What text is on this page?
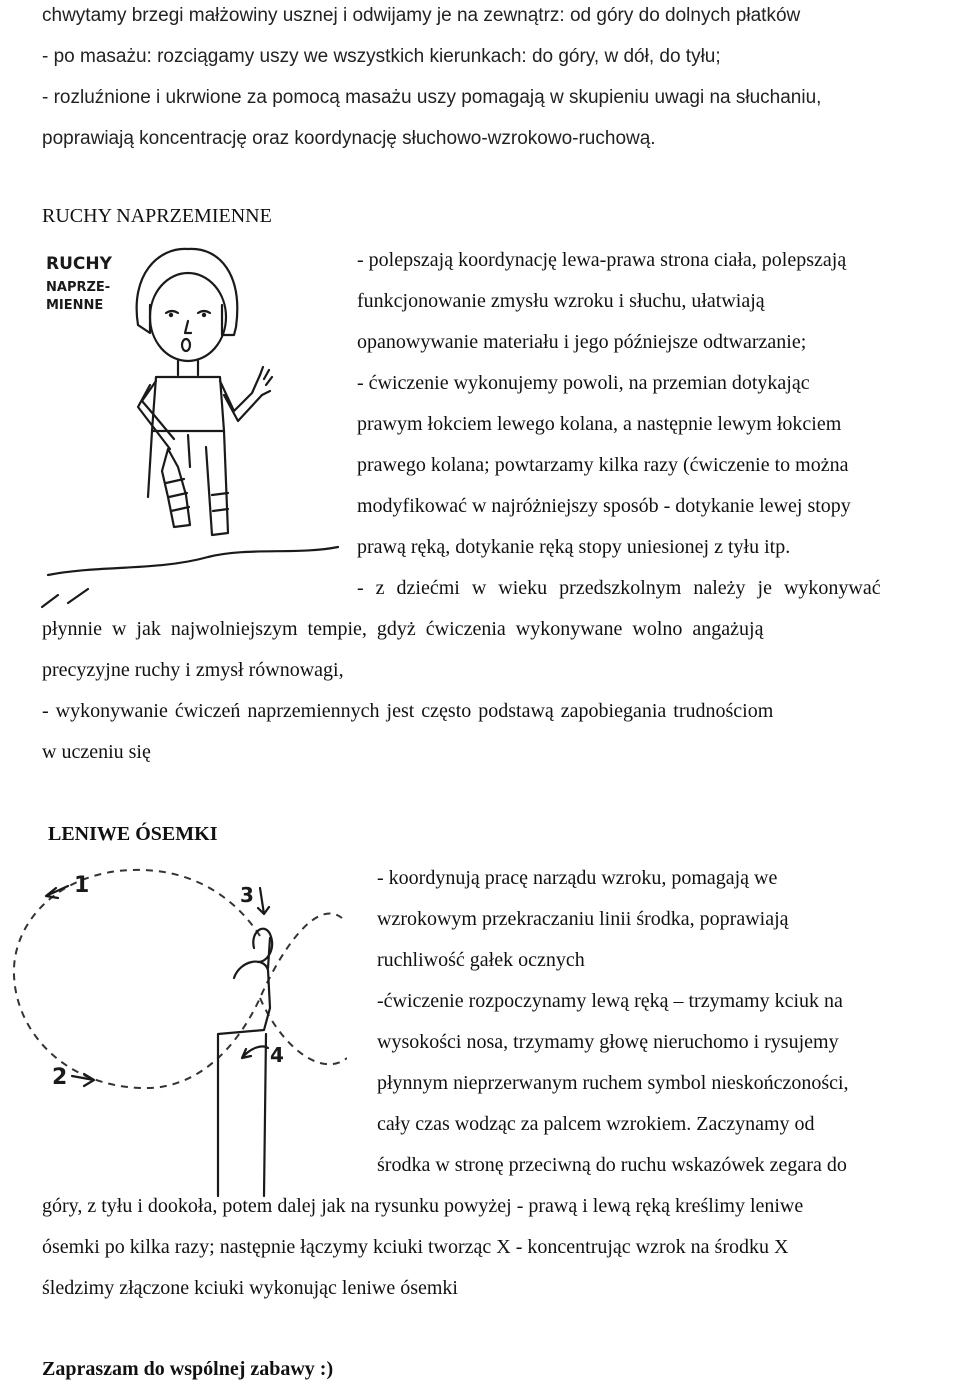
chwytamy brzegi małżowiny usznej i odwijamy je na zewnątrz: od góry do dolnych płatków
- po masażu: rozciągamy uszy we wszystkich kierunkach: do góry, w dół, do tyłu;
- rozluźnione i ukrwione za pomocą masażu uszy pomagają w skupieniu uwagi na słuchaniu,
poprawiają koncentrację oraz koordynację słuchowo-wzrokowo-ruchową.
RUCHY NAPRZEMIENNE
RUCHY
NAPRZE-
MIENNE
- polepszają koordynację lewa-prawa strona ciała, polepszają
funkcjonowanie zmysłu wzroku i słuchu, ułatwiają
opanowywanie materiału i jego późniejsze odtwarzanie;
- ćwiczenie wykonujemy powoli, na przemian dotykając
prawym łokciem lewego kolana, a następnie lewym łokciem
prawego kolana; powtarzamy kilka razy (ćwiczenie to można
modyfikować w najróżniejszy sposób - dotykanie lewej stopy
prawą ręką, dotykanie ręką stopy uniesionej z tyłu itp.
- z dziećmi w wieku przedszkolnym należy je wykonywać
płynnie w jak najwolniejszym tempie, gdyż ćwiczenia wykonywane wolno angażują
precyzyjne ruchy i zmysł równowagi,
- wykonywanie ćwiczeń naprzemiennych jest często podstawą zapobiegania trudnościom
w uczeniu się
LENIWE ÓSEMKI
1
2
3
4
- koordynują pracę narządu wzroku, pomagają we
wzrokowym przekraczaniu linii środka, poprawiają
ruchliwość gałek ocznych
-ćwiczenie rozpoczynamy lewą ręką – trzymamy kciuk na
wysokości nosa, trzymamy głowę nieruchomo i rysujemy
płynnym nieprzerwanym ruchem symbol nieskończoności,
cały czas wodząc za palcem wzrokiem. Zaczynamy od
środka w stronę przeciwną do ruchu wskazówek zegara do
góry, z tyłu i dookoła, potem dalej jak na rysunku powyżej - prawą i lewą ręką kreślimy leniwe
ósemki po kilka razy; następnie łączymy kciuki tworząc X - koncentrując wzrok na środku X
śledzimy złączone kciuki wykonując leniwe ósemki
Zapraszam do wspólnej zabawy :)
